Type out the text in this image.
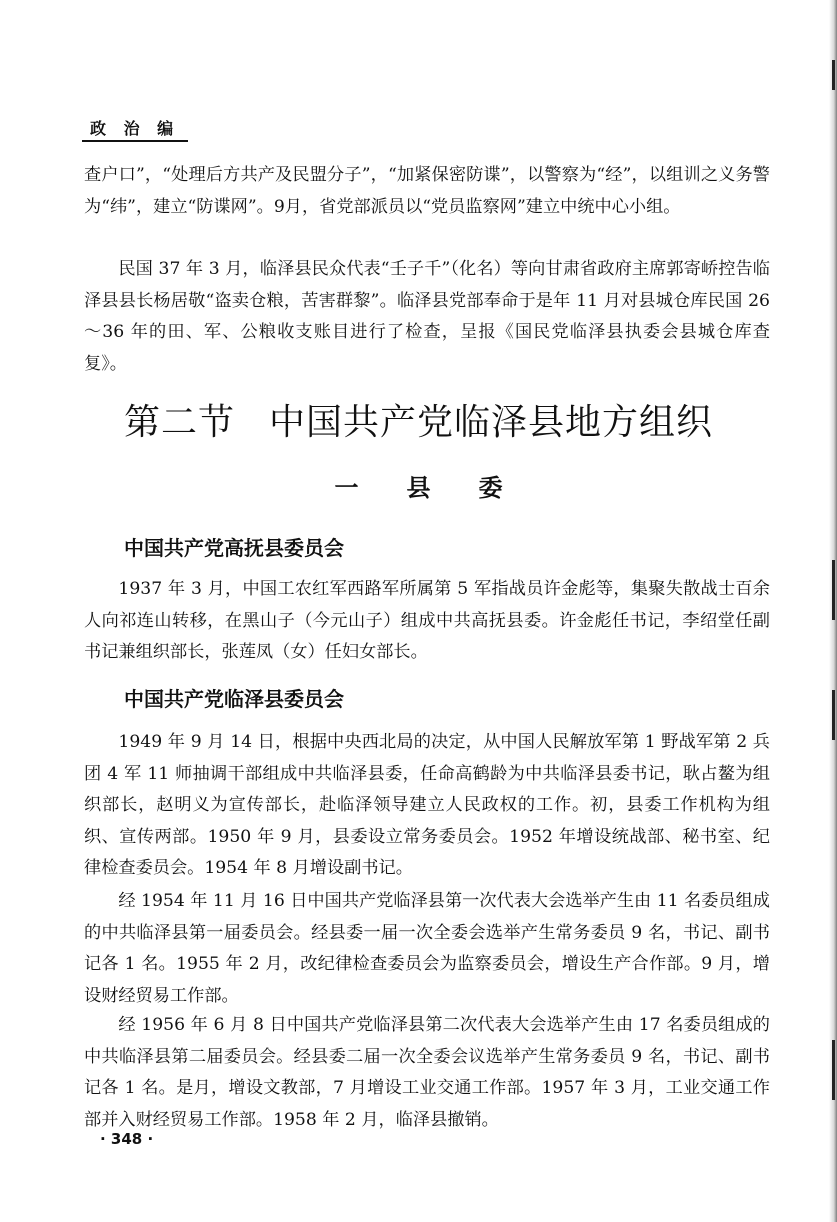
政 治 编

查户口”，“处理后方共产及民盟分子”，“加紧保密防谍”，以警察为“经”，以组训之义务警为“纬”，建立“防谍网”。9月，省党部派员以“党员监察网”建立中统中心小组。

民国 37 年 3 月，临泽县民众代表“壬子千”（化名）等向甘肃省政府主席郭寄峤控告临泽县县长杨居敬“盗卖仓粮，苦害群黎”。临泽县党部奉命于是年 11 月对县城仓库民国 26～36 年的田、军、公粮收支账目进行了检查，呈报《国民党临泽县执委会县城仓库查复》。

第二节 中国共产党临泽县地方组织
一县委
中国共产党高抚县委员会

1937 年 3 月，中国工农红军西路军所属第 5 军指战员许金彪等，集聚失散战士百余人向祁连山转移，在黑山子（今元山子）组成中共高抚县委。许金彪任书记，李绍堂任副书记兼组织部长，张莲凤（女）任妇女部长。

中国共产党临泽县委员会

1949 年 9 月 14 日，根据中央西北局的决定，从中国人民解放军第 1 野战军第 2 兵团 4 军 11 师抽调干部组成中共临泽县委，任命高鹤龄为中共临泽县委书记，耿占鳌为组织部长，赵明义为宣传部长，赴临泽领导建立人民政权的工作。初，县委工作机构为组织、宣传两部。1950 年 9 月，县委设立常务委员会。1952 年增设统战部、秘书室、纪律检查委员会。1954 年 8 月增设副书记。

经 1954 年 11 月 16 日中国共产党临泽县第一次代表大会选举产生由 11 名委员组成的中共临泽县第一届委员会。经县委一届一次全委会选举产生常务委员 9 名，书记、副书记各 1 名。1955 年 2 月，改纪律检查委员会为监察委员会，增设生产合作部。9 月，增设财经贸易工作部。

经 1956 年 6 月 8 日中国共产党临泽县第二次代表大会选举产生由 17 名委员组成的中共临泽县第二届委员会。经县委二届一次全委会议选举产生常务委员 9 名，书记、副书记各 1 名。是月，增设文教部，7 月增设工业交通工作部。1957 年 3 月，工业交通工作部并入财经贸易工作部。1958 年 2 月，临泽县撤销。

· 348 ·
